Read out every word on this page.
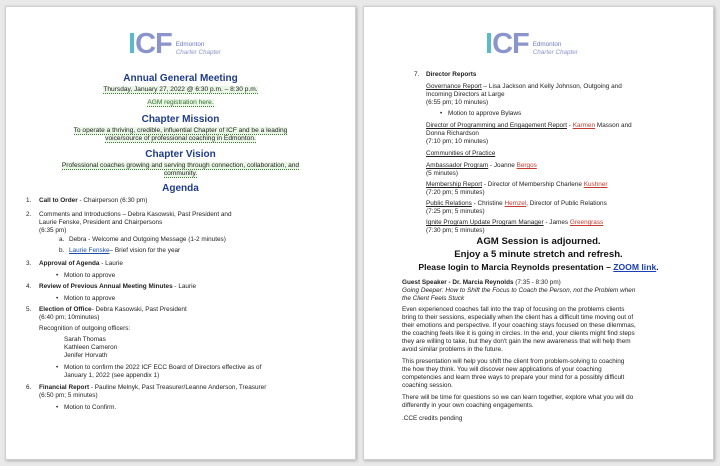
ICF Edmonton
Charter Chapter
Annual General Meeting
Thursday, January 27, 2022 @ 6:30 p.m. – 8:30 p.m.
AGM registration here.
Chapter Mission
To operate a thriving, credible, influential Chapter of ICF and be a leading
voice/source of professional coaching in Edmonton.
Chapter Vision
Professional coaches growing and serving through connection, collaboration, and
community.
Agenda
1. Call to Order - Chairperson (6:30 pm)
2. Comments and Introductions – Debra Kasowski, Past President and
Laurie Fenske, President and Chairpersons
(6:35 pm)
a. Debra - Welcome and Outgoing Message (1-2 minutes)
b. Laurie Fenske– Brief vision for the year
3. Approval of Agenda - Laurie
• Motion to approve
4. Review of Previous Annual Meeting Minutes - Laurie
• Motion to approve
5. Election of Office- Debra Kasowski, Past President
(6:40 pm; 10minutes)
Recognition of outgoing officers:
Sarah Thomas
Kathleen Cameron
Jenifer Horvath
• Motion to confirm the 2022 ICF ECC Board of Directors effective as of
January 1, 2022 (see appendix 1)
6. Financial Report - Pauline Melnyk, Past Treasurer/Leanne Anderson, Treasurer
(6:50 pm; 5 minutes)
• Motion to Confirm.
ICF Edmonton
Charter Chapter
7. Director Reports
Governance Report – Lisa Jackson and Kelly Johnson, Outgoing and
Incoming Directors at Large
(6:55 pm; 10 minutes)
• Motion to approve Bylaws
Director of Programming and Engagement Report - Karmen Masson and
Donna Richardson
(7:10 pm; 10 minutes)
Communities of Practice
Ambassador Program - Joanne Bergos
(5 minutes)
Membership Report - Director of Membership Charlene Kushner
(7:20 pm; 5 minutes)
Public Relations - Christine Hemzel, Director of Public Relations
(7:25 pm; 5 minutes)
Ignite Program Update Program Manager - James Greengrass
(7:30 pm; 5 minutes)
AGM Session is adjourned.
Enjoy a 5 minute stretch and refresh.
Please login to Marcia Reynolds presentation – ZOOM link.
Guest Speaker - Dr. Marcia Reynolds (7:35 - 8:30 pm)
Going Deeper: How to Shift the Focus to Coach the Person, not the Problem when
the Client Feels Stuck
Even experienced coaches fall into the trap of focusing on the problems clients
bring to their sessions, especially when the client has a difficult time moving out of
their emotions and perspective. If your coaching stays focused on these dilemmas,
the coaching feels like it is going in circles. In the end, your clients might find steps
they are willing to take, but they don't gain the new awareness that will help them
avoid similar problems in the future.
This presentation will help you shift the client from problem-solving to coaching
the how they think. You will discover new applications of your coaching
competencies and learn three ways to prepare your mind for a possibly difficult
coaching session.
There will be time for questions so we can learn together, explore what you will do
differently in your own coaching engagements.
.CCE credits pending
